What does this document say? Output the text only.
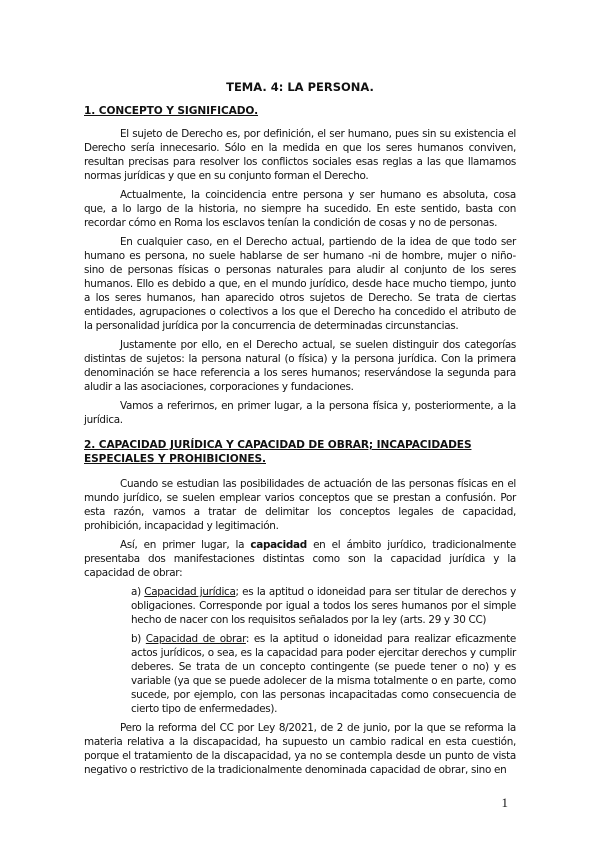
TEMA. 4: LA PERSONA.
1. CONCEPTO Y SIGNIFICADO.

El sujeto de Derecho es, por definición, el ser humano, pues sin su existencia el Derecho sería innecesario. Sólo en la medida en que los seres humanos conviven, resultan precisas para resolver los conflictos sociales esas reglas a las que llamamos normas jurídicas y que en su conjunto forman el Derecho.

Actualmente, la coincidencia entre persona y ser humano es absoluta, cosa que, a lo largo de la historia, no siempre ha sucedido. En este sentido, basta con recordar cómo en Roma los esclavos tenían la condición de cosas y no de personas.

En cualquier caso, en el Derecho actual, partiendo de la idea de que todo ser humano es persona, no suele hablarse de ser humano -ni de hombre, mujer o niño- sino de personas físicas o personas naturales para aludir al conjunto de los seres humanos. Ello es debido a que, en el mundo jurídico, desde hace mucho tiempo, junto a los seres humanos, han aparecido otros sujetos de Derecho. Se trata de ciertas entidades, agrupaciones o colectivos a los que el Derecho ha concedido el atributo de la personalidad jurídica por la concurrencia de determinadas circunstancias.

Justamente por ello, en el Derecho actual, se suelen distinguir dos categorías distintas de sujetos: la persona natural (o física) y la persona jurídica. Con la primera denominación se hace referencia a los seres humanos; reservándose la segunda para aludir a las asociaciones, corporaciones y fundaciones.

Vamos a referirnos, en primer lugar, a la persona física y, posteriormente, a la jurídica.

2. CAPACIDAD JURÍDICA Y CAPACIDAD DE OBRAR; INCAPACIDADES ESPECIALES Y PROHIBICIONES.

Cuando se estudian las posibilidades de actuación de las personas físicas en el mundo jurídico, se suelen emplear varios conceptos que se prestan a confusión. Por esta razón, vamos a tratar de delimitar los conceptos legales de capacidad, prohibición, incapacidad y legitimación.

Así, en primer lugar, la capacidad en el ámbito jurídico, tradicionalmente presentaba dos manifestaciones distintas como son la capacidad jurídica y la capacidad de obrar:

a) Capacidad jurídica; es la aptitud o idoneidad para ser titular de derechos y obligaciones. Corresponde por igual a todos los seres humanos por el simple hecho de nacer con los requisitos señalados por la ley (arts. 29 y 30 CC)

b) Capacidad de obrar: es la aptitud o idoneidad para realizar eficazmente actos jurídicos, o sea, es la capacidad para poder ejercitar derechos y cumplir deberes. Se trata de un concepto contingente (se puede tener o no) y es variable (ya que se puede adolecer de la misma totalmente o en parte, como sucede, por ejemplo, con las personas incapacitadas como consecuencia de cierto tipo de enfermedades).

Pero la reforma del CC por Ley 8/2021, de 2 de junio, por la que se reforma la materia relativa a la discapacidad, ha supuesto un cambio radical en esta cuestión, porque el tratamiento de la discapacidad, ya no se contempla desde un punto de vista negativo o restrictivo de la tradicionalmente denominada capacidad de obrar, sino en

1
